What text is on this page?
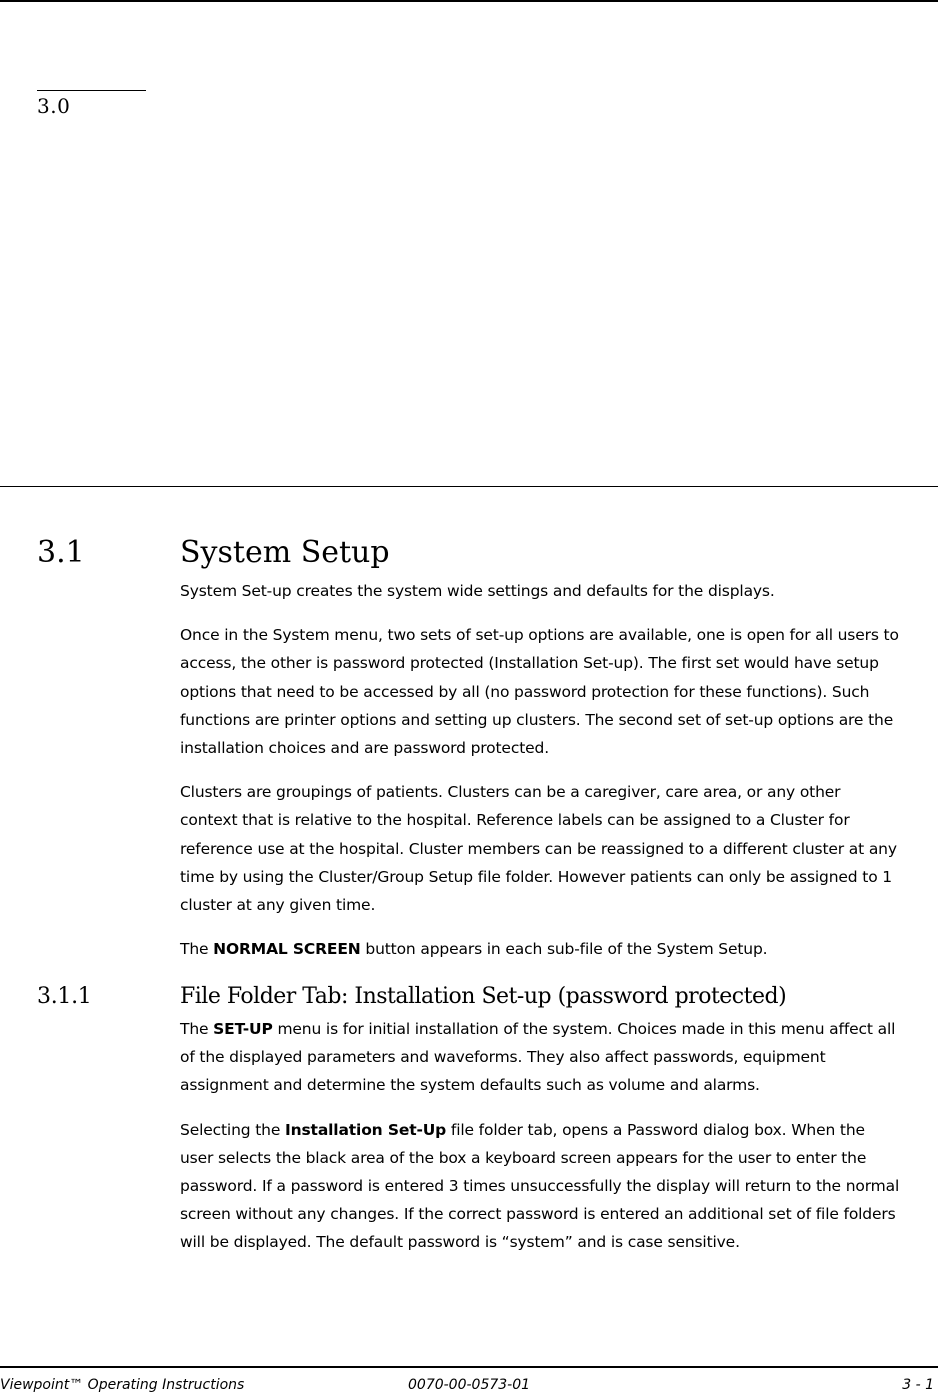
3.0
3.1	System Setup

System Set-up creates the system wide settings and defaults for the displays.

Once in the System menu, two sets of set-up options are available, one is open for all users to access, the other is password protected (Installation Set-up). The first set would have setup options that need to be accessed by all (no password protection for these functions). Such functions are printer options and setting up clusters. The second set of set-up options are the installation choices and are password protected.

Clusters are groupings of patients. Clusters can be a caregiver, care area, or any other context that is relative to the hospital. Reference labels can be assigned to a Cluster for reference use at the hospital. Cluster members can be reassigned to a different cluster at any time by using the Cluster/Group Setup file folder. However patients can only be assigned to 1 cluster at any given time.

The NORMAL SCREEN button appears in each sub-file of the System Setup.

3.1.1	File Folder Tab: Installation Set-up (password protected)

The SET-UP menu is for initial installation of the system. Choices made in this menu affect all of the displayed parameters and waveforms. They also affect passwords, equipment assignment and determine the system defaults such as volume and alarms.

Selecting the Installation Set-Up file folder tab, opens a Password dialog box. When the user selects the black area of the box a keyboard screen appears for the user to enter the password. If a password is entered 3 times unsuccessfully the display will return to the normal screen without any changes. If the correct password is entered an additional set of file folders will be displayed. The default password is “system” and is case sensitive.

Viewpoint™ Operating Instructions	0070-00-0573-01	3 - 1
